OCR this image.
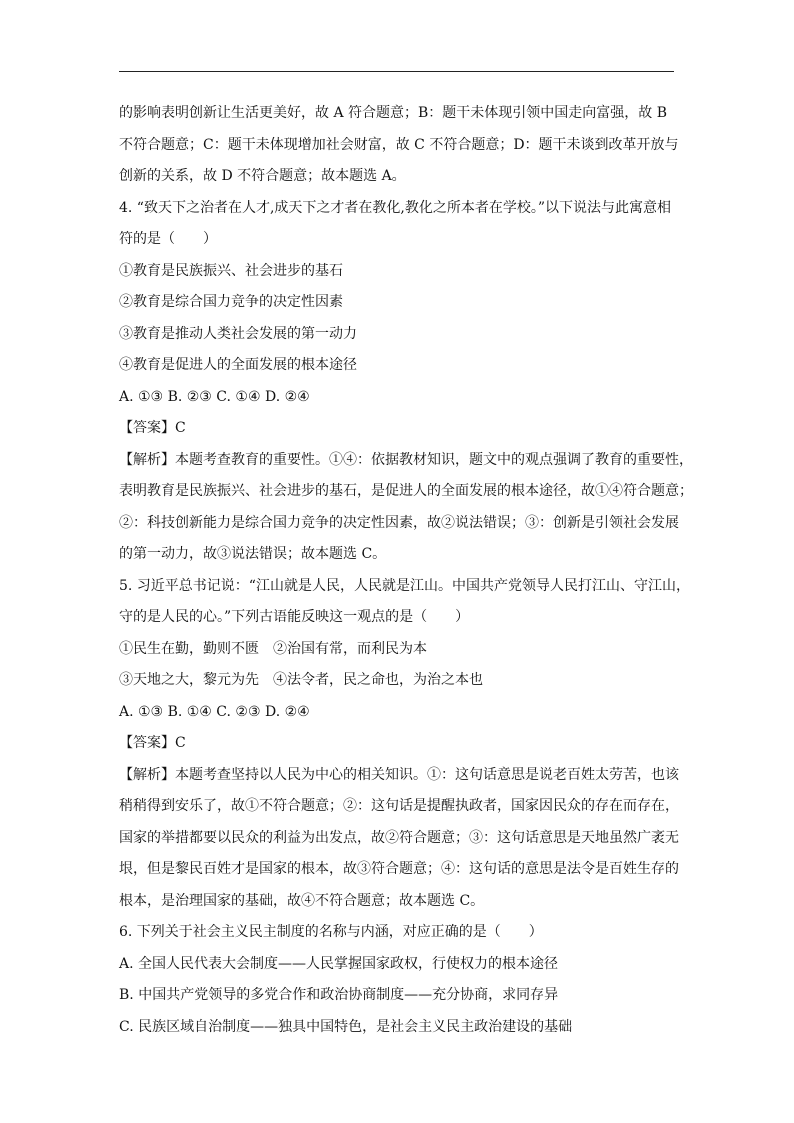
的影响表明创新让生活更美好，故 A 符合题意；B：题干未体现引领中国走向富强，故 B

不符合题意；C：题干未体现增加社会财富，故 C 不符合题意；D：题干未谈到改革开放与

创新的关系，故 D 不符合题意；故本题选 A。

4. “致天下之治者在人才,成天下之才者在教化,教化之所本者在学校。”以下说法与此寓意相

符的是（　　）

①教育是民族振兴、社会进步的基石

②教育是综合国力竞争的决定性因素

③教育是推动人类社会发展的第一动力

④教育是促进人的全面发展的根本途径

A. ①③ B. ②③ C. ①④ D. ②④

【答案】C

【解析】本题考查教育的重要性。①④：依据教材知识，题文中的观点强调了教育的重要性，

表明教育是民族振兴、社会进步的基石，是促进人的全面发展的根本途径，故①④符合题意；

②：科技创新能力是综合国力竞争的决定性因素，故②说法错误；③：创新是引领社会发展

的第一动力，故③说法错误；故本题选 C。

5. 习近平总书记说：“江山就是人民，人民就是江山。中国共产党领导人民打江山、守江山，

守的是人民的心。”下列古语能反映这一观点的是（　　）

①民生在勤，勤则不匮　②治国有常，而利民为本

③天地之大，黎元为先　④法令者，民之命也，为治之本也

A. ①③ B. ①④ C. ②③ D. ②④

【答案】C

【解析】本题考查坚持以人民为中心的相关知识。①：这句话意思是说老百姓太劳苦，也该

稍稍得到安乐了，故①不符合题意；②：这句话是提醒执政者，国家因民众的存在而存在，

国家的举措都要以民众的利益为出发点，故②符合题意；③：这句话意思是天地虽然广袤无

垠，但是黎民百姓才是国家的根本，故③符合题意；④：这句话的意思是法令是百姓生存的

根本，是治理国家的基础，故④不符合题意；故本题选 C。

6. 下列关于社会主义民主制度的名称与内涵，对应正确的是（　　）

A. 全国人民代表大会制度——人民掌握国家政权，行使权力的根本途径

B. 中国共产党领导的多党合作和政治协商制度——充分协商，求同存异

C. 民族区域自治制度——独具中国特色，是社会主义民主政治建设的基础
